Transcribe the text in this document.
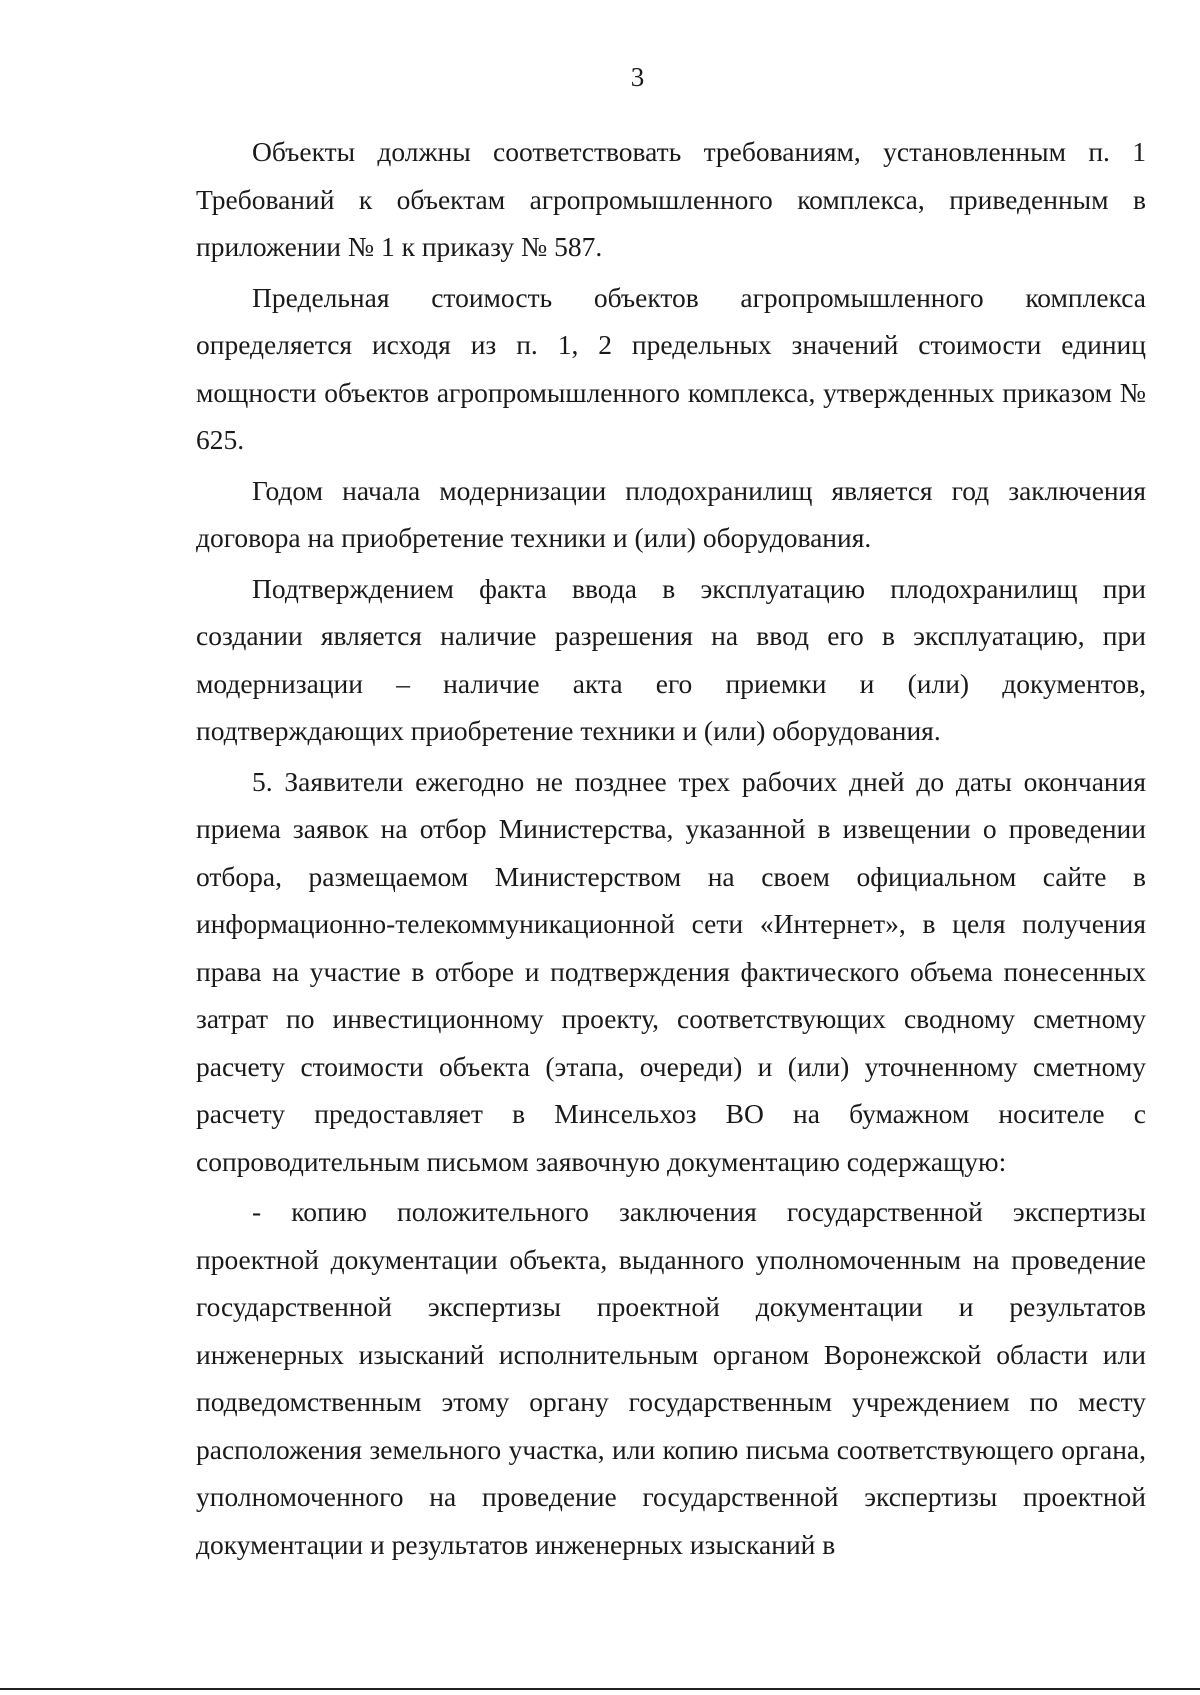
3

Объекты должны соответствовать требованиям, установленным п. 1 Требований к объектам агропромышленного комплекса, приведенным в приложении № 1 к приказу № 587.

Предельная стоимость объектов агропромышленного комплекса определяется исходя из п. 1, 2 предельных значений стоимости единиц мощности объектов агропромышленного комплекса, утвержденных приказом № 625.

Годом начала модернизации плодохранилищ является год заключения договора на приобретение техники и (или) оборудования.

Подтверждением факта ввода в эксплуатацию плодохранилищ при создании является наличие разрешения на ввод его в эксплуатацию, при модернизации – наличие акта его приемки и (или) документов, подтверждающих приобретение техники и (или) оборудования.

5. Заявители ежегодно не позднее трех рабочих дней до даты окончания приема заявок на отбор Министерства, указанной в извещении о проведении отбора, размещаемом Министерством на своем официальном сайте в информационно-телекоммуникационной сети «Интернет», в целя получения права на участие в отборе и подтверждения фактического объема понесенных затрат по инвестиционному проекту, соответствующих сводному сметному расчету стоимости объекта (этапа, очереди) и (или) уточненному сметному расчету предоставляет в Минсельхоз ВО на бумажном носителе с сопроводительным письмом заявочную документацию содержащую:

- копию положительного заключения государственной экспертизы проектной документации объекта, выданного уполномоченным на проведение государственной экспертизы проектной документации и результатов инженерных изысканий исполнительным органом Воронежской области или подведомственным этому органу государственным учреждением по месту расположения земельного участка, или копию письма соответствующего органа, уполномоченного на проведение государственной экспертизы проектной документации и результатов инженерных изысканий в
